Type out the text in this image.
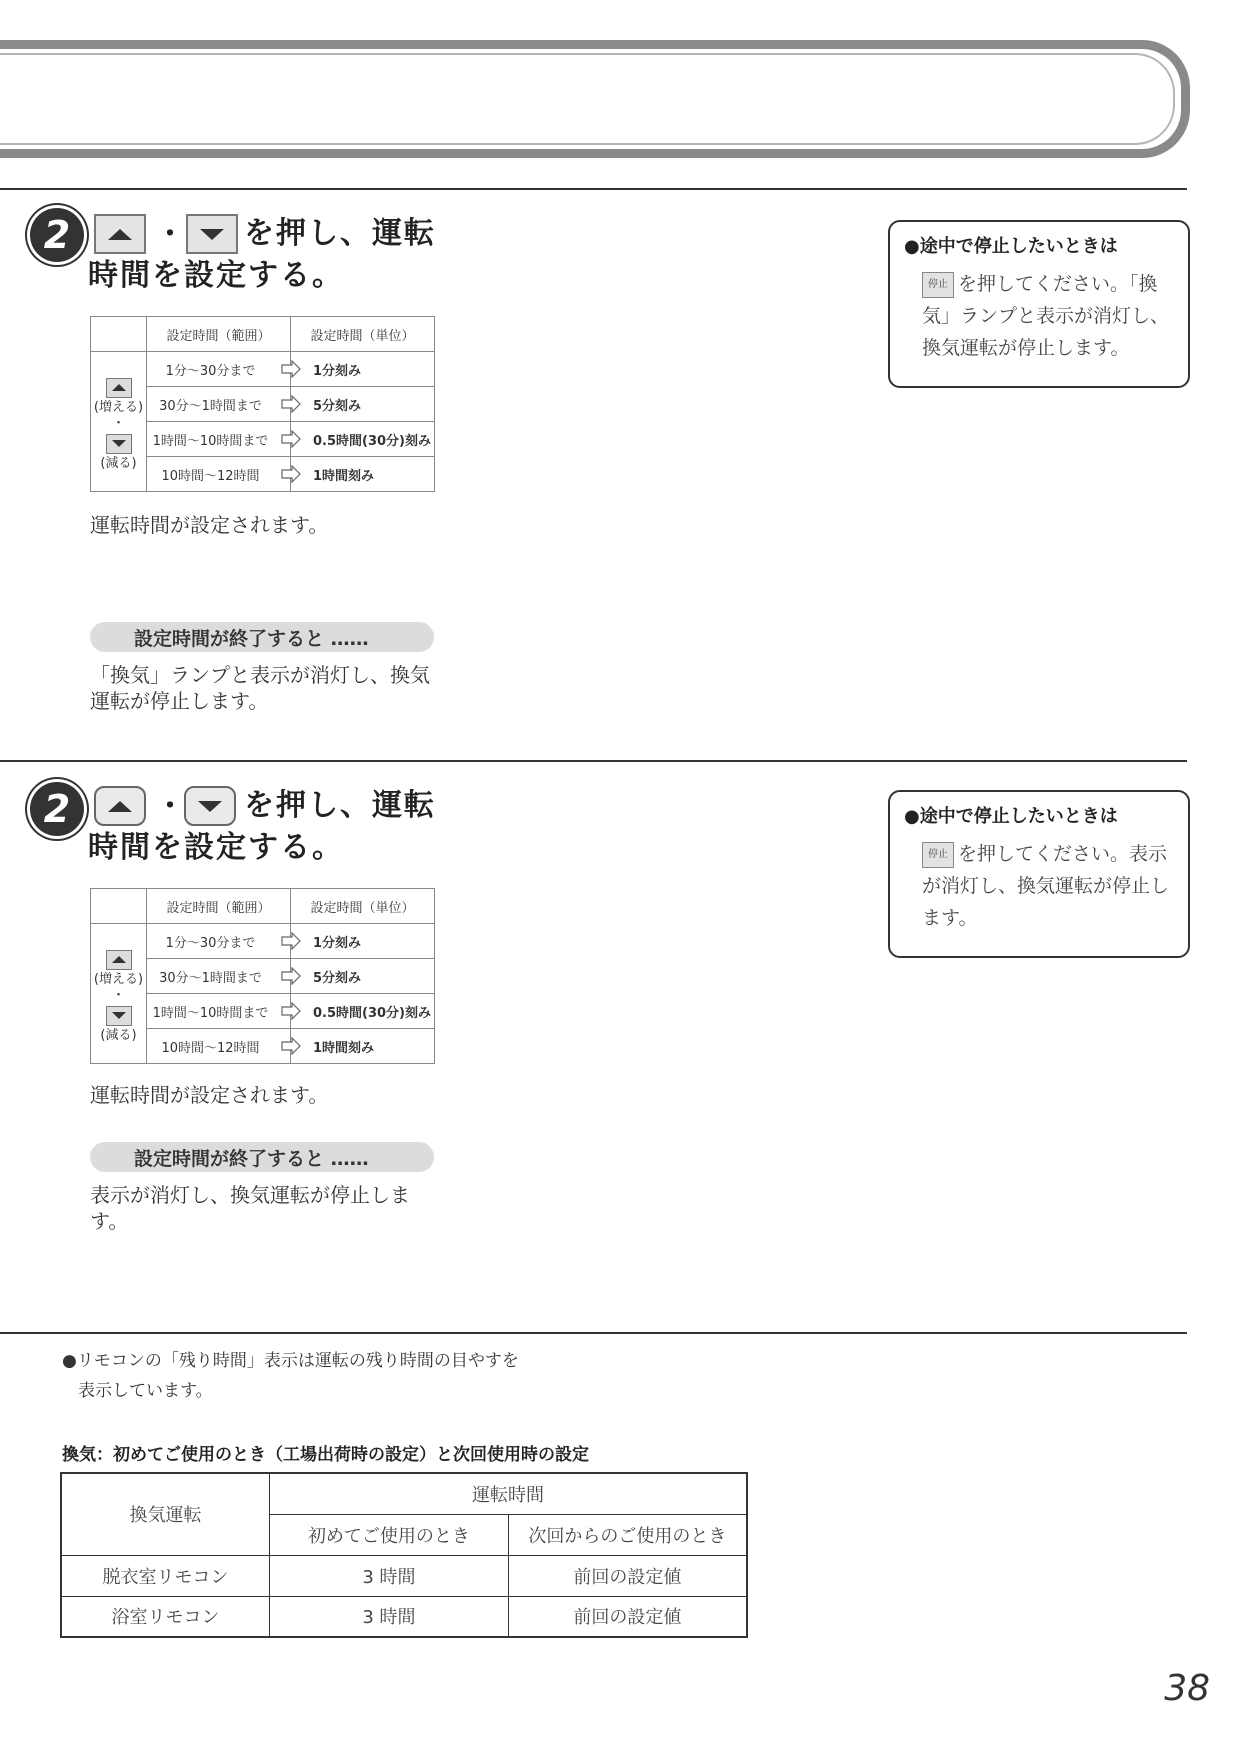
2	・ を押し、運転
時間を設定する。
	設定時間（範囲）	設定時間（単位）

(増える)
・

(減る)	1分〜30分まで	1分刻み
	30分〜1時間まで	5分刻み
	1時間〜10時間まで	0.5時間(30分)刻み
	10時間〜12時間	1時間刻み
運転時間が設定されます。
設定時間が終了すると ……
「換気」ランプと表示が消灯し、換気
運転が停止します。
●途中で停止したいときは
停止 を押してください。「換
気」ランプと表示が消灯し、
換気運転が停止します。
2	・ を押し、運転
時間を設定する。
	設定時間（範囲）	設定時間（単位）

(増える)
・

(減る)	1分〜30分まで	1分刻み
	30分〜1時間まで	5分刻み
	1時間〜10時間まで	0.5時間(30分)刻み
	10時間〜12時間	1時間刻み
運転時間が設定されます。
設定時間が終了すると ……
表示が消灯し、換気運転が停止しま
す。
●途中で停止したいときは
停止 を押してください。表示
が消灯し、換気運転が停止し
ます。
●リモコンの「残り時間」表示は運転の残り時間の目やすを
表示しています。
換気：初めてご使用のとき（工場出荷時の設定）と次回使用時の設定
換気運転	運転時間	
	初めてご使用のとき	次回からのご使用のとき
脱衣室リモコン	3 時間	前回の設定値
浴室リモコン	3 時間	前回の設定値
38
